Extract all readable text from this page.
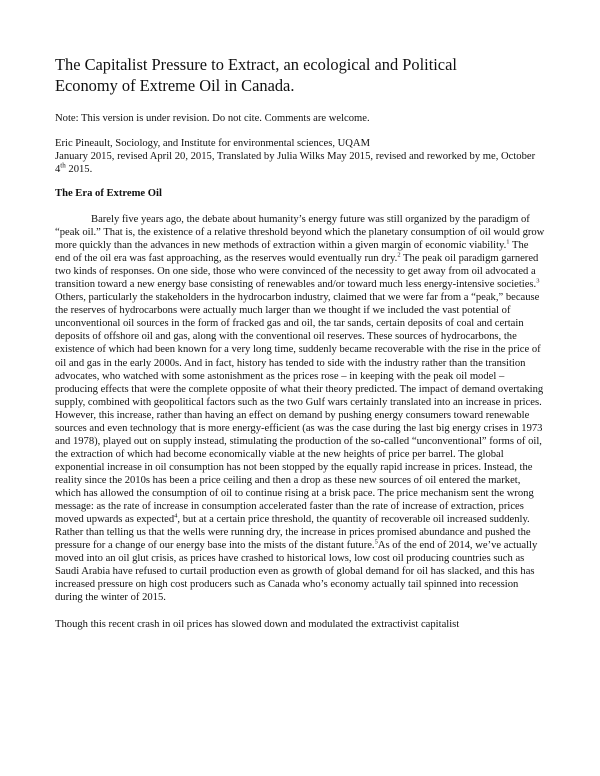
The Capitalist Pressure to Extract, an ecological and Political
Economy of Extreme Oil in Canada.

Note: This version is under revision. Do not cite. Comments are welcome.

Eric Pineault, Sociology, and Institute for environmental sciences, UQAM
January 2015, revised April 20, 2015, Translated by Julia Wilks May 2015, revised and reworked by me, October 4th 2015.

The Era of Extreme Oil

Barely five years ago, the debate about humanity’s energy future was still organized by the paradigm of “peak oil.” That is, the existence of a relative threshold beyond which the planetary consumption of oil would grow more quickly than the advances in new methods of extraction within a given margin of economic viability.$^1$ The end of the oil era was fast approaching, as the reserves would eventually run dry.$^2$ The peak oil paradigm garnered two kinds of responses. On one side, those who were convinced of the necessity to get away from oil advocated a transition toward a new energy base consisting of renewables and/or toward much less energy-intensive societies.$^3$ Others, particularly the stakeholders in the hydrocarbon industry, claimed that we were far from a “peak,” because the reserves of hydrocarbons were actually much larger than we thought if we included the vast potential of unconventional oil sources in the form of fracked gas and oil, the tar sands, certain deposits of coal and certain deposits of offshore oil and gas, along with the conventional oil reserves. These sources of hydrocarbons, the existence of which had been known for a very long time, suddenly became recoverable with the rise in the price of oil and gas in the early 2000s. And in fact, history has tended to side with the industry rather than the transition advocates, who watched with some astonishment as the prices rose – in keeping with the peak oil model – producing effects that were the complete opposite of what their theory predicted. The impact of demand overtaking supply, combined with geopolitical factors such as the two Gulf wars certainly translated into an increase in prices. However, this increase, rather than having an effect on demand by pushing energy consumers toward renewable sources and even technology that is more energy-efficient (as was the case during the last big energy crises in 1973 and 1978), played out on supply instead, stimulating the production of the so-called “unconventional” forms of oil, the extraction of which had become economically viable at the new heights of price per barrel. The global exponential increase in oil consumption has not been stopped by the equally rapid increase in prices. Instead, the reality since the 2010s has been a price ceiling and then a drop as these new sources of oil entered the market, which has allowed the consumption of oil to continue rising at a brisk pace. The price mechanism sent the wrong message: as the rate of increase in consumption accelerated faster than the rate of increase of extraction, prices moved upwards as expected$^4$, but at a certain price threshold, the quantity of recoverable oil increased suddenly. Rather than telling us that the wells were running dry, the increase in prices promised abundance and pushed the pressure for a change of our energy base into the mists of the distant future.$^5$As of the end of 2014, we’ve actually moved into an oil glut crisis, as prices have crashed to historical lows, low cost oil producing countries such as Saudi Arabia have refused to curtail production even as growth of global demand for oil has slacked, and this has increased pressure on high cost producers such as Canada who’s economy actually tail spinned into recession during the winter of 2015.

Though this recent crash in oil prices has slowed down and modulated the extractivist capitalist
